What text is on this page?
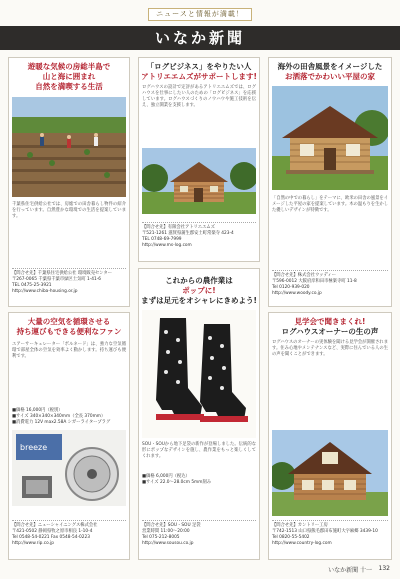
ニュースと情報が満載！
いなか新聞
遊暖な気候の房総半島で
山と海に囲まれ
自然を満喫する生活
千葉県住宅供給公社では、房総での田舎暮らし物件の紹介を行っています。自然豊かな環境での生活を提案しています。
【問合せ先】千葉県住宅供給公社 環境販売センター
〒267-0065 千葉県千葉市緑区土気町 1-41-6
TEL 0475-25-3921
http://www.chiba-housing.or.jp
大量の空気を循環させる
持ち運びもできる便利なファン
エアーサーキュレーター「ボルネード」は、強力な空気循環で部屋全体の空気を効率よく動かします。持ち運びも便利です。
■価格 16,000円（税別）
■サイズ 340×340×340mm（全長 370mm）
■消費電力 12V max2.58A シガーライタープラグ
breeze
【問合せ先】ニューシャイニングス株式会社
〒421-0502 静岡県牧之原市相良 1-10-4
Tel 0548-54-0221 Fax 0548-54-0223
http://www.rip.co.jp
「ログビジネス」をやりたい人
アトリエエムズがサポートします!
ログハウスの設計で定評があるアトリエエムズでは、ログハウスを仕事にしたい人のための「ログビジネス」を応援しています。ログハウスづくりのノウハウや施工技術を伝え、独立開業を支援します。
【問合せ先】有限会社アトリエエムズ
〒521-1261 滋賀県蒲生郡安土町常楽寺 423-4
TEL 0748-69-7999
http://www.ms-log.com
これからの農作業は
ポップに!
まずは足元をオシャレにきめよう!
SOU・SOUから地下足袋の新作が登場しました。伝統的な形にポップなデザインを施し、農作業をもっと楽しくしてくれます。
■価格 6,000円（税込）
■サイズ 22.0〜28.0cm 5mm刻み
【問合せ先】SOU・SOU 足袋
営業時間 11:00〜20:00
Tel 075-212-8005
http://www.sousou.co.jp
海外の田舎風景をイメージした
お洒落でかわいい平屋の家
「自然の中での暮らし」をテーマに、欧米の田舎の風景をイメージした平屋の家を提案しています。木の温もりを生かした優しいデザインが特徴です。
【問合せ先】株式会社ウッディー
〒596-0012 大阪府岸和田市極楽寺町 11-8
Tel 0120-939-020
http://www.woody.co.jp
見学会で聞きまくれ!
ログハウスオーナーの生の声
ログハウスのオーナーの実体験を聞ける見学会が開催されます。住み心地やメンテナンスなど、実際に住んでいる人の生の声を聞くことができます。
【問合せ先】カントリー工房
〒742-1513 山口県熊毛郡田布施町大字麻郷 3439-10
Tel 0820-55-5402
http://www.country-log.com
いなか新聞 十一 132
